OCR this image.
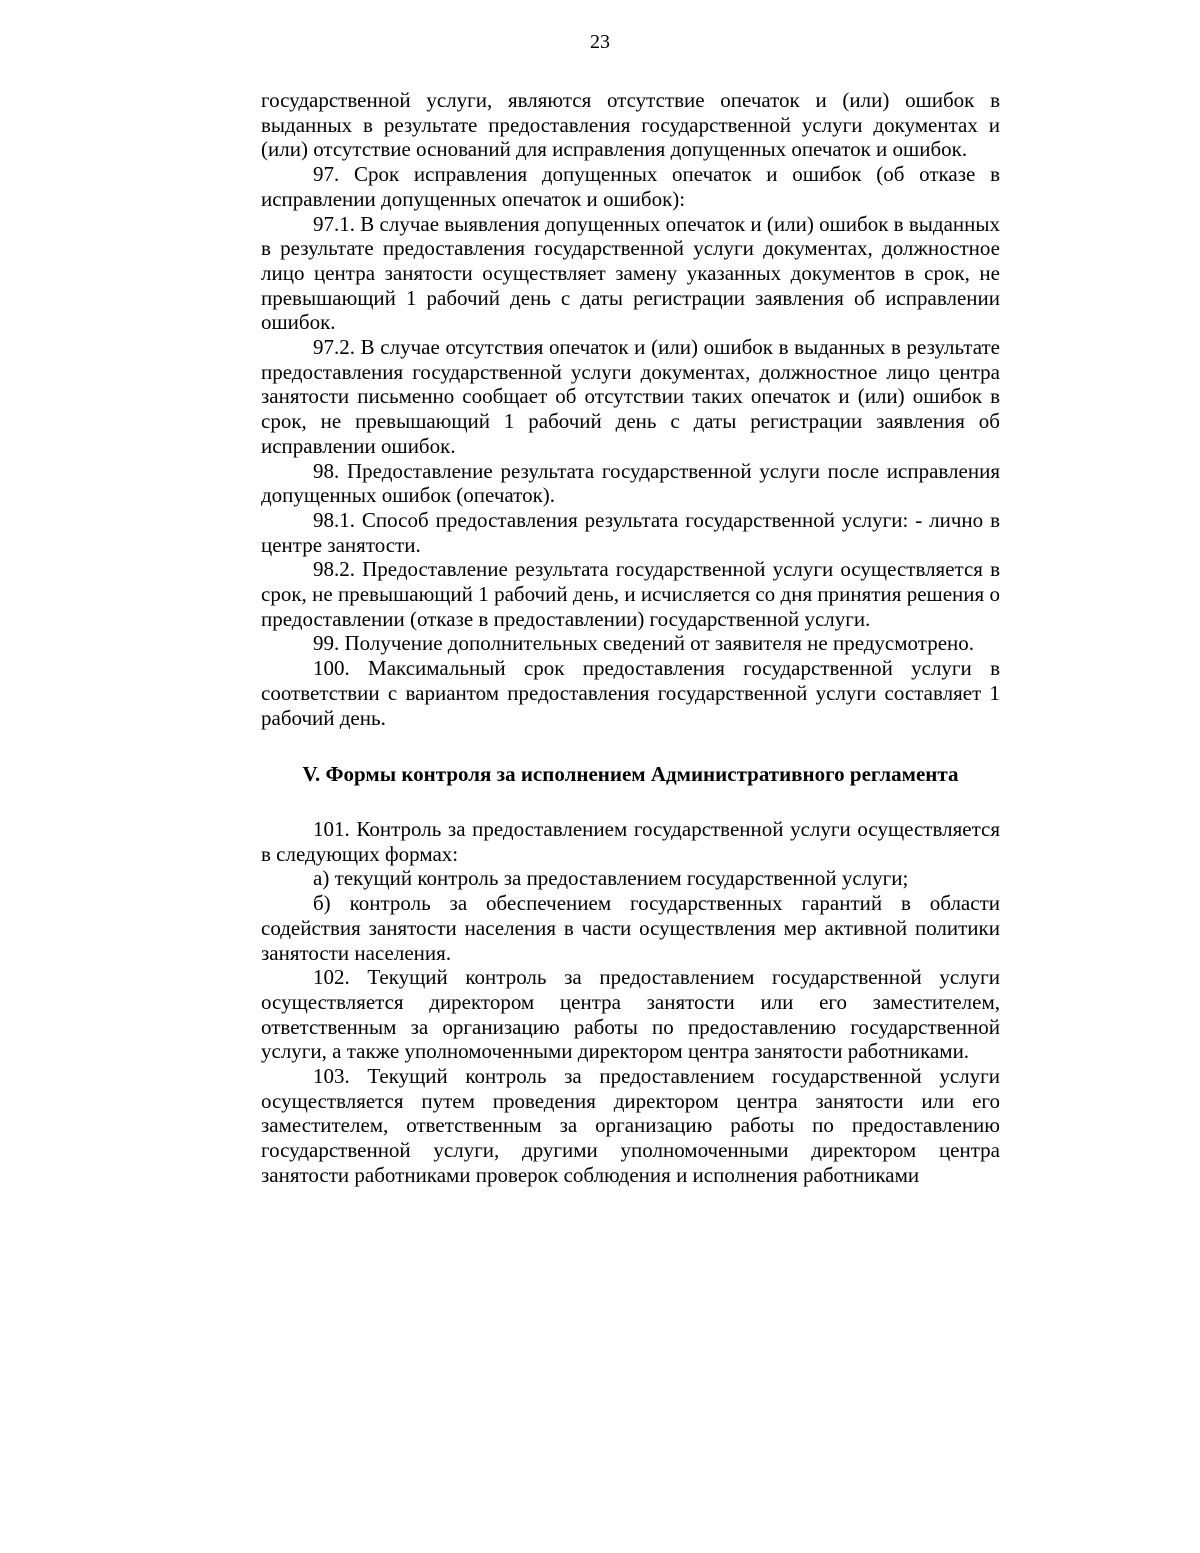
23

государственной услуги, являются отсутствие опечаток и (или) ошибок в выданных в результате предоставления государственной услуги документах и (или) отсутствие оснований для исправления допущенных опечаток и ошибок.

97. Срок исправления допущенных опечаток и ошибок (об отказе в исправлении допущенных опечаток и ошибок):

97.1. В случае выявления допущенных опечаток и (или) ошибок в выданных в результате предоставления государственной услуги документах, должностное лицо центра занятости осуществляет замену указанных документов в срок, не превышающий 1 рабочий день с даты регистрации заявления об исправлении ошибок.

97.2. В случае отсутствия опечаток и (или) ошибок в выданных в результате предоставления государственной услуги документах, должностное лицо центра занятости письменно сообщает об отсутствии таких опечаток и (или) ошибок в срок, не превышающий 1 рабочий день с даты регистрации заявления об исправлении ошибок.

98. Предоставление результата государственной услуги после исправления допущенных ошибок (опечаток).

98.1. Способ предоставления результата государственной услуги: - лично в центре занятости.

98.2. Предоставление результата государственной услуги осуществляется в срок, не превышающий 1 рабочий день, и исчисляется со дня принятия решения о предоставлении (отказе в предоставлении) государственной услуги.

99. Получение дополнительных сведений от заявителя не предусмотрено.

100. Максимальный срок предоставления государственной услуги в соответствии с вариантом предоставления государственной услуги составляет 1 рабочий день.

V. Формы контроля за исполнением Административного регламента

101. Контроль за предоставлением государственной услуги осуществляется в следующих формах:

а) текущий контроль за предоставлением государственной услуги;

б) контроль за обеспечением государственных гарантий в области содействия занятости населения в части осуществления мер активной политики занятости населения.

102. Текущий контроль за предоставлением государственной услуги осуществляется директором центра занятости или его заместителем, ответственным за организацию работы по предоставлению государственной услуги, а также уполномоченными директором центра занятости работниками.

103. Текущий контроль за предоставлением государственной услуги осуществляется путем проведения директором центра занятости или его заместителем, ответственным за организацию работы по предоставлению государственной услуги, другими уполномоченными директором центра занятости работниками проверок соблюдения и исполнения работниками
